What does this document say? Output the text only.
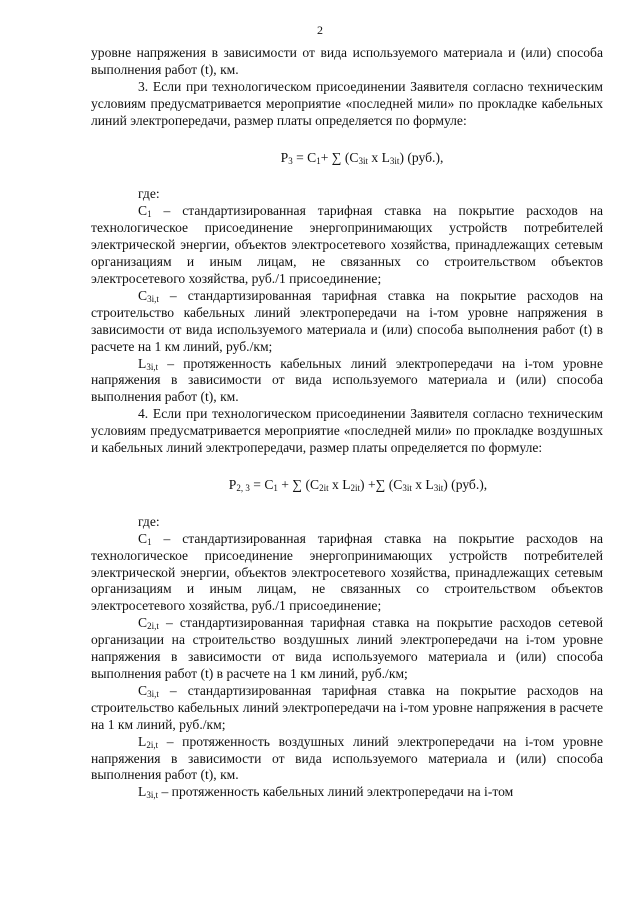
2

уровне напряжения в зависимости от вида используемого материала и (или) способа выполнения работ (t), км.

3. Если при технологическом присоединении Заявителя согласно техническим условиям предусматривается мероприятие «последней мили» по прокладке кабельных линий электропередачи, размер платы определяется по формуле:

$P_3 = C_1+$ ∑ ($C_{3it}$ x $L_{3it}$) (руб.),

где:

$C_1$ – стандартизированная тарифная ставка на покрытие расходов на технологическое присоединение энергопринимающих устройств потребителей электрической энергии, объектов электросетевого хозяйства, принадлежащих сетевым организациям и иным лицам, не связанных со строительством объектов электросетевого хозяйства, руб./1 присоединение;

$C_{3i,t}$ – стандартизированная тарифная ставка на покрытие расходов на строительство кабельных линий электропередачи на i-том уровне напряжения в зависимости от вида используемого материала и (или) способа выполнения работ (t) в расчете на 1 км линий, руб./км;

$L_{3i,t}$ – протяженность кабельных линий электропередачи на i-том уровне напряжения в зависимости от вида используемого материала и (или) способа выполнения работ (t), км.

4. Если при технологическом присоединении Заявителя согласно техническим условиям предусматривается мероприятие «последней мили» по прокладке воздушных и кабельных линий электропередачи, размер платы определяется по формуле:

$P_{2, 3} = C_1$ + ∑ ($C_{2it}$ x $L_{2it}$) +∑ ($C_{3it}$ x $L_{3it}$) (руб.),

где:

$C_1$ – стандартизированная тарифная ставка на покрытие расходов на технологическое присоединение энергопринимающих устройств потребителей электрической энергии, объектов электросетевого хозяйства, принадлежащих сетевым организациям и иным лицам, не связанных со строительством объектов электросетевого хозяйства, руб./1 присоединение;

$C_{2i,t}$ – стандартизированная тарифная ставка на покрытие расходов сетевой организации на строительство воздушных линий электропередачи на i-том уровне напряжения в зависимости от вида используемого материала и (или) способа выполнения работ (t) в расчете на 1 км линий, руб./км;

$C_{3i,t}$ – стандартизированная тарифная ставка на покрытие расходов на строительство кабельных линий электропередачи на i-том уровне напряжения в расчете на 1 км линий, руб./км;

$L_{2i,t}$ – протяженность воздушных линий электропередачи на i-том уровне напряжения в зависимости от вида используемого материала и (или) способа выполнения работ (t), км.

$L_{3i,t}$ – протяженность кабельных линий электропередачи на i-том
